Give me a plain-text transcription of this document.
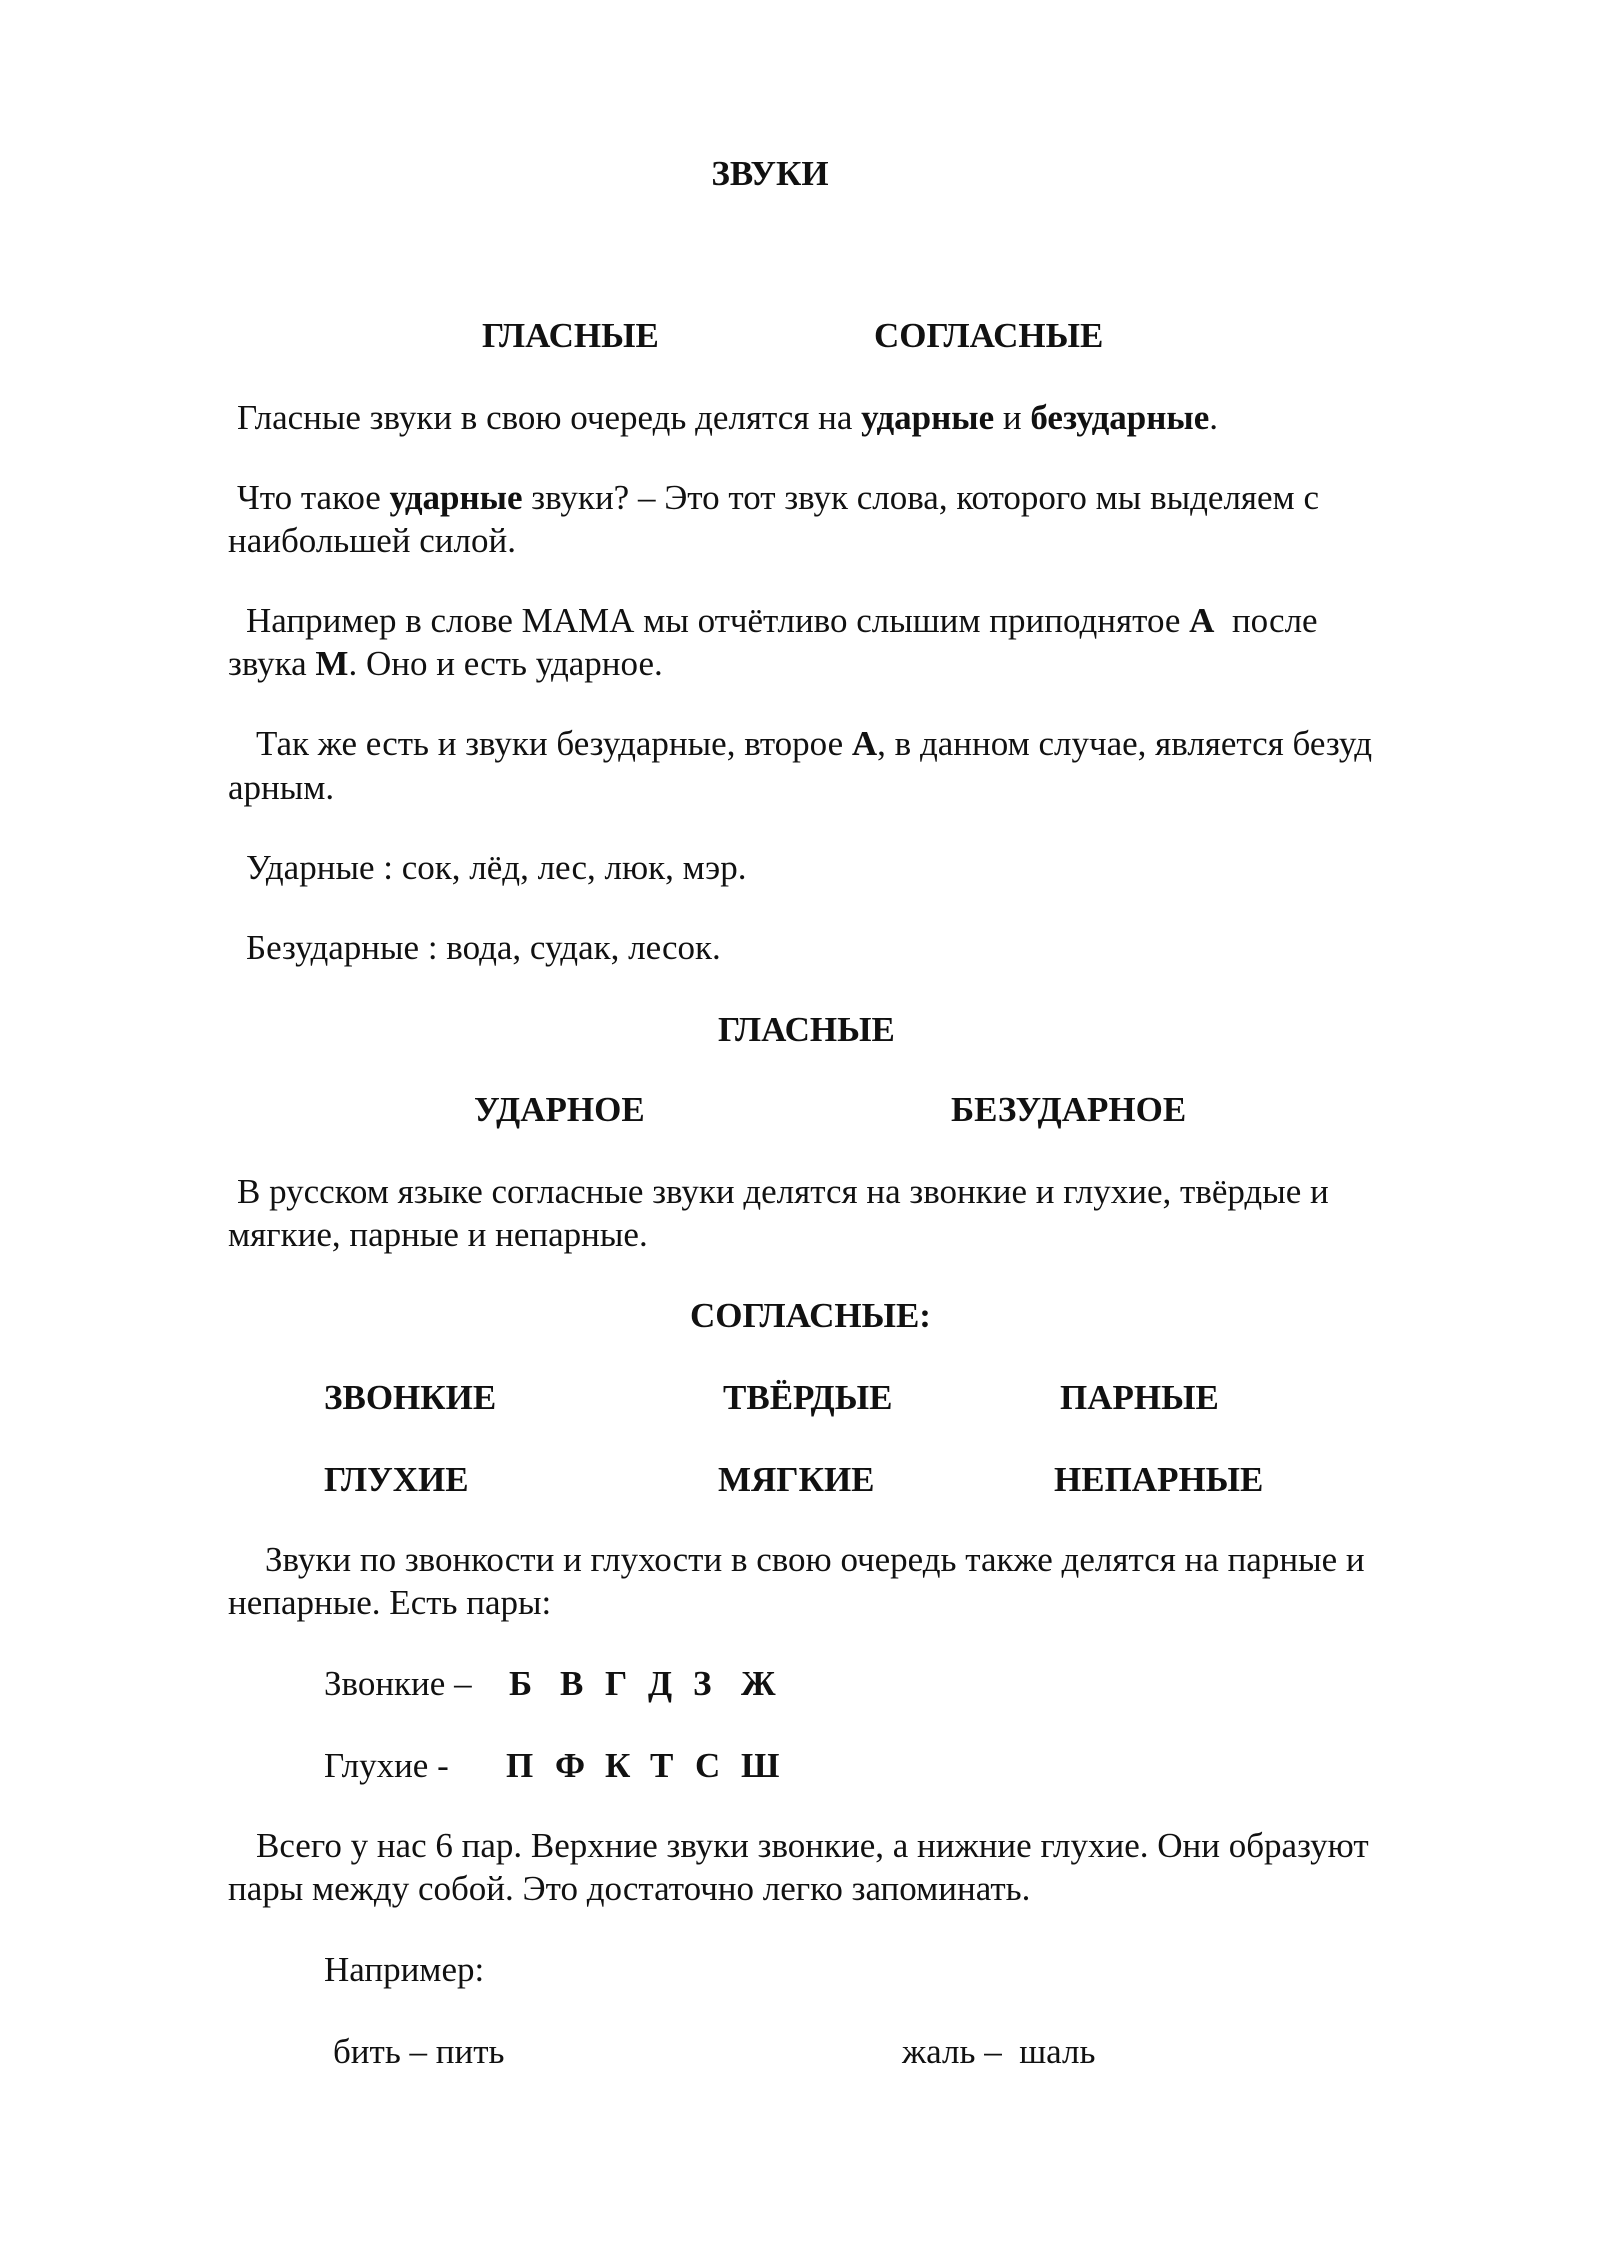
ЗВУКИ
ГЛАСНЫЕ	СОГЛАСНЫЕ
Гласные звуки в свою очередь делятся на ударные и безударные.
Что такое ударные звуки? – Это тот звук слова, которого мы выделяем с
наибольшей силой.
Например в слове МАМА мы отчётливо слышим приподнятое А  после
звука М. Оно и есть ударное.
Так же есть и звуки безударные, второе А, в данном случае, является безуд
арным.
Ударные : сок, лёд, лес, люк, мэр.
Безударные : вода, судак, лесок.
ГЛАСНЫЕ
УДАРНОЕ	БЕЗУДАРНОЕ
В русском языке согласные звуки делятся на звонкие и глухие, твёрдые и
мягкие, парные и непарные.
СОГЛАСНЫЕ:
ЗВОНКИЕ	ТВЁРДЫЕ	ПАРНЫЕ
ГЛУХИЕ	МЯГКИЕ	НЕПАРНЫЕ
Звуки по звонкости и глухости в свою очередь также делятся на парные и
непарные. Есть пары:
Звонкие – Б В Г Д З Ж
Глухие - П Ф К Т С Ш
Всего у нас 6 пар. Верхние звуки звонкие, а нижние глухие. Они образуют
пары между собой. Это достаточно легко запоминать.
Например:
бить – пить	жаль –  шаль
